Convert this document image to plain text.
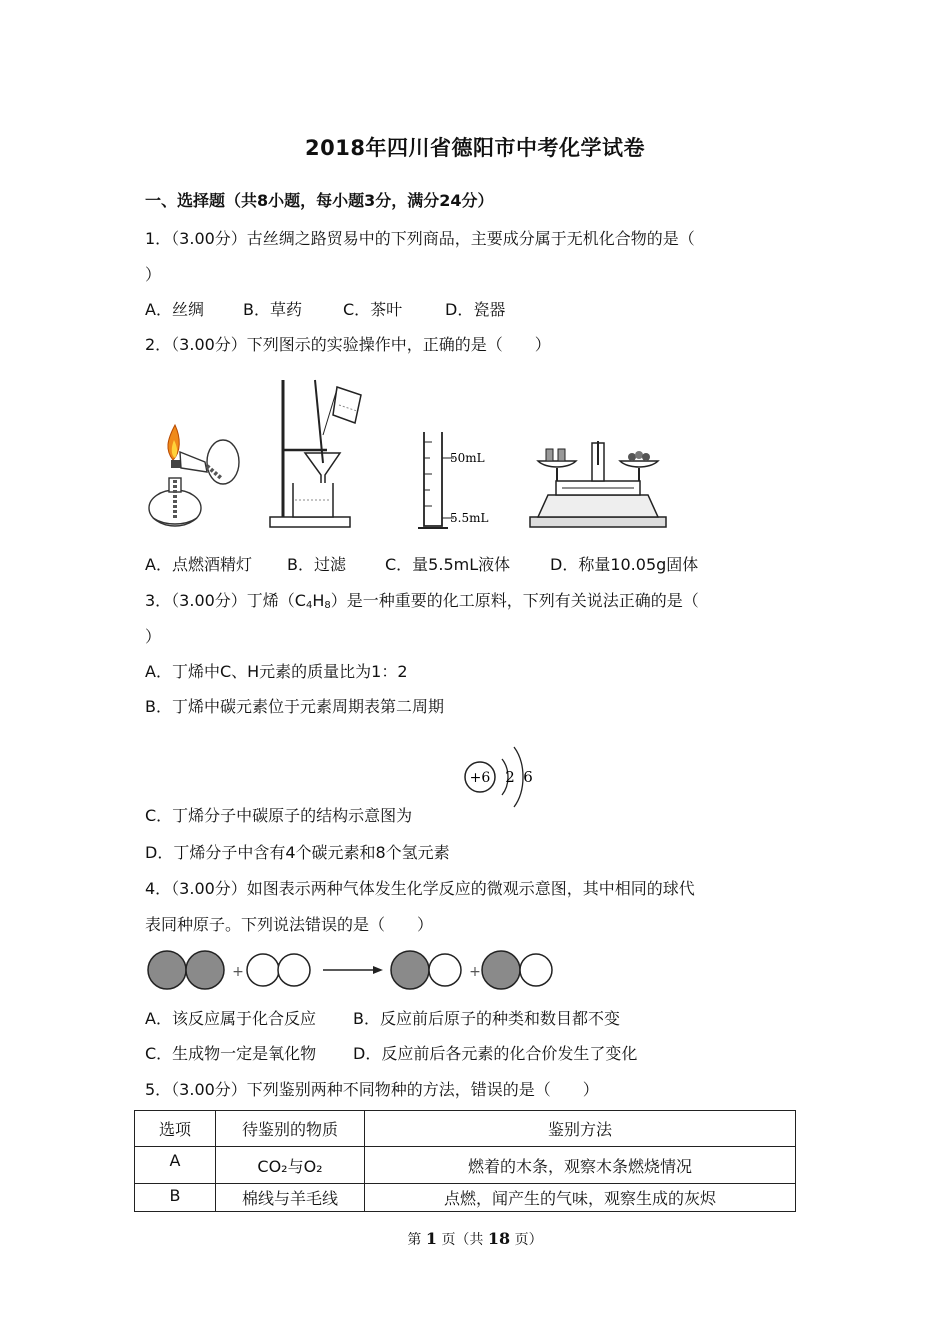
2018年四川省德阳市中考化学试卷
一、选择题（共8小题，每小题3分，满分24分）
1．（3.00分）古丝绸之路贸易中的下列商品，主要成分属于无机化合物的是（
）
A．丝绸 B．草药	C．茶叶	D．瓷器
2．（3.00分）下列图示的实验操作中，正确的是（　　）
50mL
5.5mL
A．点燃酒精灯 B．过滤 C．量5.5mL液体 D．称量10.05g固体
3．（3.00分）丁烯$(C_4H_8)$是一种重要的化工原料，下列有关说法正确的是（
）
A．丁烯中C、H元素的质量比为1：2
B．丁烯中碳元素位于元素周期表第二周期
+6 2 6
C．丁烯分子中碳原子的结构示意图为
D．丁烯分子中含有4个碳元素和8个氢元素
4．（3.00分）如图表示两种气体发生化学反应的微观示意图，其中相同的球代
表同种原子。下列说法错误的是（　　）
+	+
A．该反应属于化合反应 B．反应前后原子的种类和数目都不变
C．生成物一定是氧化物 D．反应前后各元素的化合价发生了变化
5．（3.00分）下列鉴别两种不同物种的方法，错误的是（　　）
选项	待鉴别的物质	鉴别方法
A	CO₂与O₂	燃着的木条，观察木条燃烧情况
B	棉线与羊毛线	点燃，闻产生的气味，观察生成的灰烬
第 1 页（共 18 页）
